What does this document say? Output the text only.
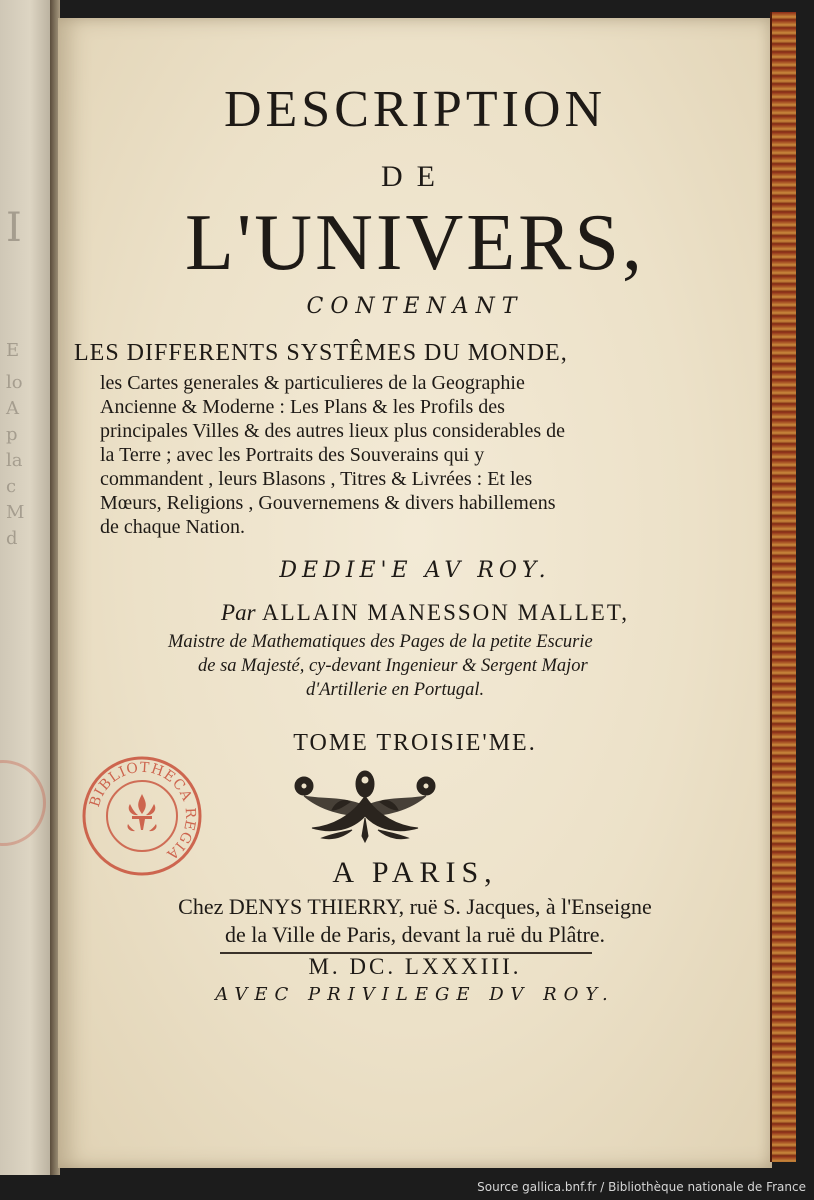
I
E
lo
A
p
la
c
M
d
DESCRIPTION
DE
L'UNIVERS,
CONTENANT
LES DIFFERENTS SYSTÊMES DU MONDE,
les Cartes generales & particulieres de la Geographie
Ancienne & Moderne : Les Plans & les Profils des
principales Villes & des autres lieux plus considerables de
la Terre ; avec les Portraits des Souverains qui y
commandent , leurs Blasons , Titres & Livrées : Et les
Mœurs, Religions , Gouvernemens & divers habillemens
de chaque Nation.
DEDIE'E AV ROY.
Par ALLAIN MANESSON MALLET,
Maistre de Mathematiques des Pages de la petite Escurie
de sa Majesté, cy-devant Ingenieur & Sergent Major
d'Artillerie en Portugal.
TOME TROISIE'ME.
BIBLIOTHECA REGIA
A PARIS,
Chez DENYS THIERRY, ruë S. Jacques, à l'Enseigne
de la Ville de Paris, devant la ruë du Plâtre.
M. DC. LXXXIII.
AVEC PRIVILEGE DV ROY.
Source gallica.bnf.fr / Bibliothèque nationale de France
